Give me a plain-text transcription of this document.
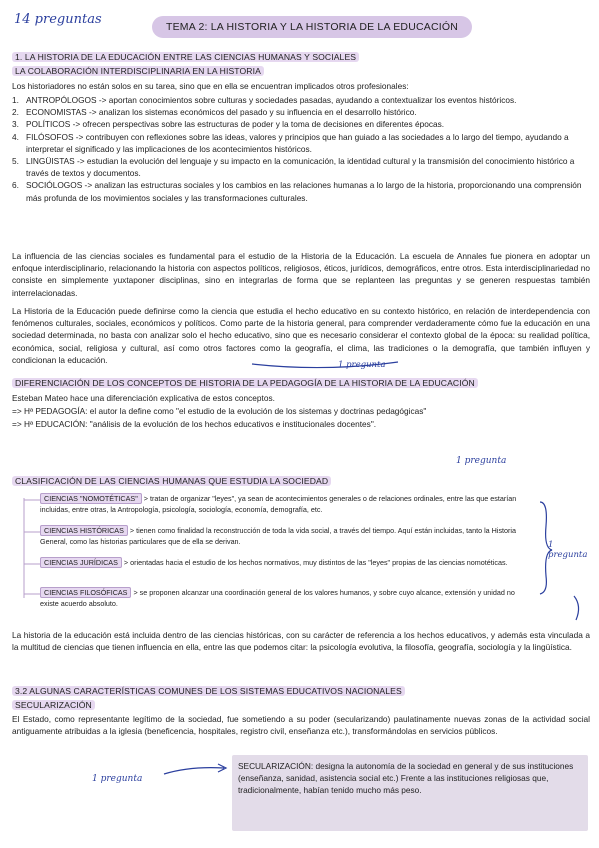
14 preguntas	TEMA 2: LA HISTORIA Y LA HISTORIA DE LA EDUCACIÓN
1. LA HISTORIA DE LA EDUCACIÓN ENTRE LAS CIENCIAS HUMANAS Y SOCIALES
LA COLABORACIÓN INTERDISCIPLINARIA EN LA HISTORIA
Los historiadores no están solos en su tarea, sino que en ella se encuentran implicados otros profesionales:
1. ANTROPÓLOGOS -> aportan conocimientos sobre culturas y sociedades pasadas, ayudando a contextualizar los eventos históricos.
2. ECONOMISTAS -> analizan los sistemas económicos del pasado y su influencia en el desarrollo histórico.
3. POLÍTICOS -> ofrecen perspectivas sobre las estructuras de poder y la toma de decisiones en diferentes épocas.
4. FILÓSOFOS -> contribuyen con reflexiones sobre las ideas, valores y principios que han guiado a las sociedades a lo largo del tiempo, ayudando a interpretar el significado y las implicaciones de los acontecimientos históricos.
5. LINGÜISTAS -> estudian la evolución del lenguaje y su impacto en la comunicación, la identidad cultural y la transmisión del conocimiento histórico a través de textos y documentos.
6. SOCIÓLOGOS -> analizan las estructuras sociales y los cambios en las relaciones humanas a lo largo de la historia, proporcionando una comprensión más profunda de los movimientos sociales y las transformaciones culturales.
La influencia de las ciencias sociales es fundamental para el estudio de la Historia de la Educación. La escuela de Annales fue pionera en adoptar un enfoque interdisciplinario, relacionando la historia con aspectos políticos, religiosos, éticos, jurídicos, demográficos, entre otros. Esta interdisciplinariedad no consiste en simplemente yuxtaponer disciplinas, sino en integrarlas de forma que se replanteen las preguntas y se generen respuestas también interrelacionadas.
La Historia de la Educación puede definirse como la ciencia que estudia el hecho educativo en su contexto histórico, en relación de interdependencia con fenómenos culturales, sociales, económicos y políticos. Como parte de la historia general, para comprender verdaderamente cómo fue la educación en una sociedad determinada, no basta con analizar solo el hecho educativo, sino que es necesario considerar el contexto global de la época: su realidad política, económica, social, religiosa y cultural, así como otros factores como la geografía, el clima, las tradiciones o la demografía, que también influyen y condicionan la educación.
1 pregunta
DIFERENCIACIÓN DE LOS CONCEPTOS DE HISTORIA DE LA PEDAGOGÍA DE LA HISTORIA DE LA EDUCACIÓN
Esteban Mateo hace una diferenciación explicativa de estos conceptos.
=> Hª PEDAGOGÍA: el autor la define como "el estudio de la evolución de los sistemas y doctrinas pedagógicas"
=> Hª EDUCACIÓN: "análisis de la evolución de los hechos educativos e institucionales docentes".
1 pregunta
CLASIFICACIÓN DE LAS CIENCIAS HUMANAS QUE ESTUDIA LA SOCIEDAD
CIENCIAS "NOMOTÉTICAS" > tratan de organizar "leyes", ya sean de acontecimientos generales o de relaciones ordinales, entre las que estarían incluidas, entre otras, la Antropología, psicología, sociología, economía, demografía, etc.
CIENCIAS HISTÓRICAS > tienen como finalidad la reconstrucción de toda la vida social, a través del tiempo. Aquí están incluidas, tanto la Historia General, como las historias particulares que de ella se derivan.
CIENCIAS JURÍDICAS > orientadas hacia el estudio de los hechos normativos, muy distintos de las "leyes" propias de las ciencias nomotéticas.
CIENCIAS FILOSÓFICAS > se proponen alcanzar una coordinación general de los valores humanos, y sobre cuyo alcance, extensión y unidad no existe acuerdo absoluto.
1 pregunta
La historia de la educación está incluida dentro de las ciencias históricas, con su carácter de referencia a los hechos educativos, y además esta vinculada a la multitud de ciencias que tienen influencia en ella, entre las que podemos citar: la psicología evolutiva, la filosofía, geografía, sociología y la lingüística.
3.2 ALGUNAS CARACTERÍSTICAS COMUNES DE LOS SISTEMAS EDUCATIVOS NACIONALES
SECULARIZACIÓN
El Estado, como representante legítimo de la sociedad, fue sometiendo a su poder (secularizando) paulatinamente nuevas zonas de la actividad social antiguamente atribuidas a la iglesia (beneficencia, hospitales, registro civil, enseñanza etc.), transformándolas en servicios públicos.
1 pregunta
SECULARIZACIÓN: designa la autonomía de la sociedad en general y de sus instituciones (enseñanza, sanidad, asistencia social etc.) Frente a las instituciones religiosas que, tradicionalmente, habían tenido mucho más peso.
